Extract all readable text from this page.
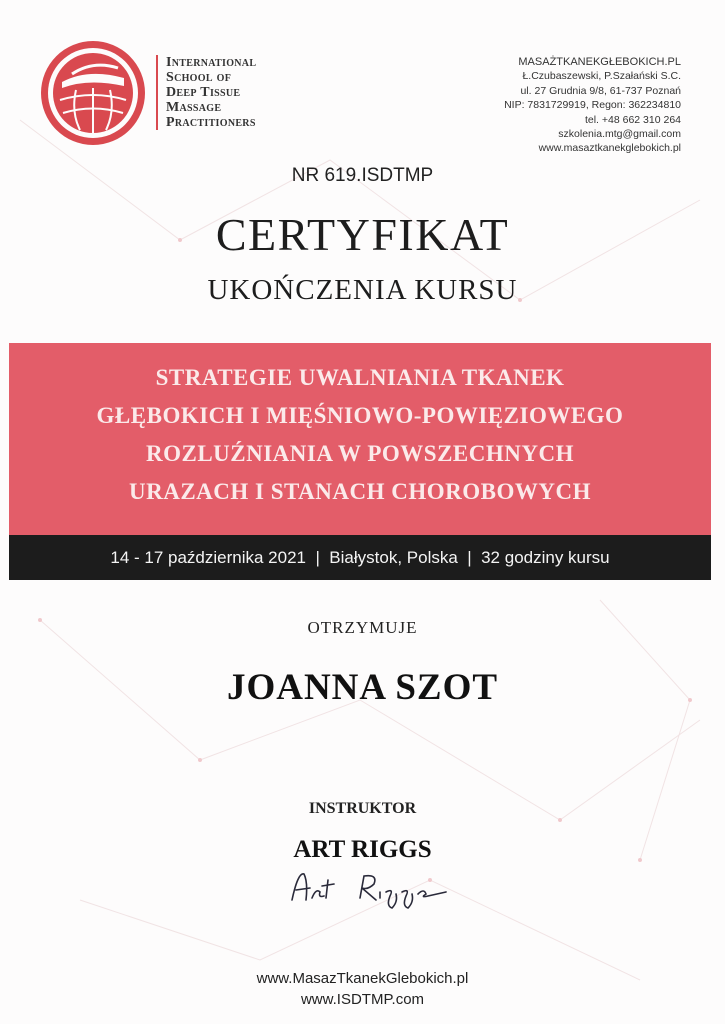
International
School of
Deep Tissue
Massage
Practitioners
MASAŻTKANEKGŁEBOKICH.PL
Ł.Czubaszewski, P.Szałański S.C.
ul. 27 Grudnia 9/8, 61-737 Poznań
NIP: 7831729919, Regon: 362234810
tel. +48 662 310 264
szkolenia.mtg@gmail.com
www.masaztkanekglebokich.pl
NR 619.ISDTMP
CERTYFIKAT
UKOŃCZENIA KURSU
STRATEGIE UWALNIANIA TKANEK
GŁĘBOKICH I MIĘŚNIOWO-POWIĘZIOWEGO
ROZLUŹNIANIA W POWSZECHNYCH
URAZACH I STANACH CHOROBOWYCH
14 - 17 października 2021  |  Białystok, Polska  |  32 godziny kursu
OTRZYMUJE
JOANNA SZOT
INSTRUKTOR
ART RIGGS
www.MasazTkanekGlebokich.pl
www.ISDTMP.com
